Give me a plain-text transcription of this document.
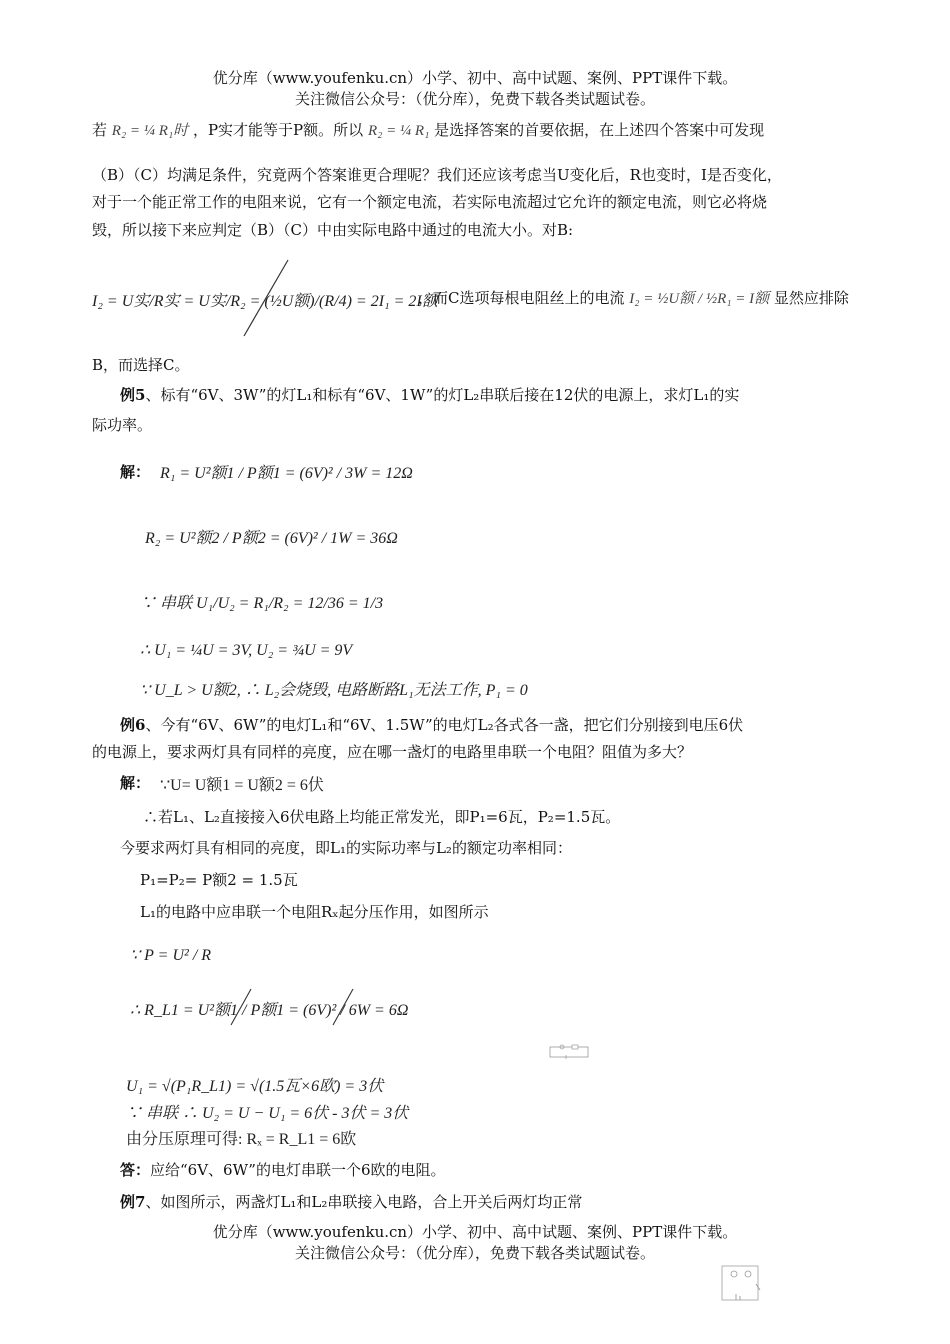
优分库（www.youfenku.cn）小学、初中、高中试题、案例、PPT课件下载。
关注微信公众号：（优分库），免费下载各类试题试卷。
若 R₂ = ¼ R₁时 ，P实才能等于P额。所以 R₂ = ¼ R₁ 是选择答案的首要依据，在上述四个答案中可发现
（B）（C）均满足条件，究竟两个答案谁更合理呢？我们还应该考虑当U变化后，R也变时，I是否变化，
对于一个能正常工作的电阻来说，它有一个额定电流，若实际电流超过它允许的额定电流，则它必将烧
毁，所以接下来应判定（B）（C）中由实际电路中通过的电流大小。对B:
I₂ = U实/R实 = U实/R₂ = (½U额)/(R/4) = 2I₁ = 2I额
，而C选项每根电阻丝上的电流 I₂ = ½U额 / ½R₁ = I额 显然应排除
B，而选择C。
例5、标有“6V、3W”的灯L₁和标有“6V、1W”的灯L₂串联后接在12伏的电源上，求灯L₁的实
际功率。
解： R₁ = U²额1 / P额1 = (6V)² / 3W = 12Ω
R₂ = U²额2 / P额2 = (6V)² / 1W = 36Ω
∵ 串联 U₁/U₂ = R₁/R₂ = 12/36 = 1/3
∴ U₁ = ¼U = 3V, U₂ = ¾U = 9V
∵ U_L > U额2, ∴ L₂会烧毁, 电路断路L₁无法工作, P₁ = 0
例6、今有“6V、6W”的电灯L₁和“6V、1.5W”的电灯L₂各式各一盏，把它们分别接到电压6伏
的电源上，要求两灯具有同样的亮度，应在哪一盏灯的电路里串联一个电阻？阻值为多大？
解： ∵U= U额1 = U额2 = 6伏
∴若L₁、L₂直接接入6伏电路上均能正常发光，即P₁=6瓦，P₂=1.5瓦。
今要求两灯具有相同的亮度，即L₁的实际功率与L₂的额定功率相同：
P₁=P₂= P额2 = 1.5瓦
L₁的电路中应串联一个电阻Rₓ起分压作用，如图所示
∵ P = U² / R
∴ R_L1 = U²额1 / P额1 = (6V)² / 6W = 6Ω
U₁ = √(P₁R_L1) = √(1.5瓦×6欧) = 3伏
∵ 串联 ∴ U₂ = U − U₁ = 6伏 - 3伏 = 3伏
由分压原理可得: Rₓ = R_L1 = 6欧
答：应给“6V、6W”的电灯串联一个6欧的电阻。
例7、如图所示，两盏灯L₁和L₂串联接入电路，合上开关后两灯均正常
优分库（www.youfenku.cn）小学、初中、高中试题、案例、PPT课件下载。
关注微信公众号：（优分库），免费下载各类试题试卷。
